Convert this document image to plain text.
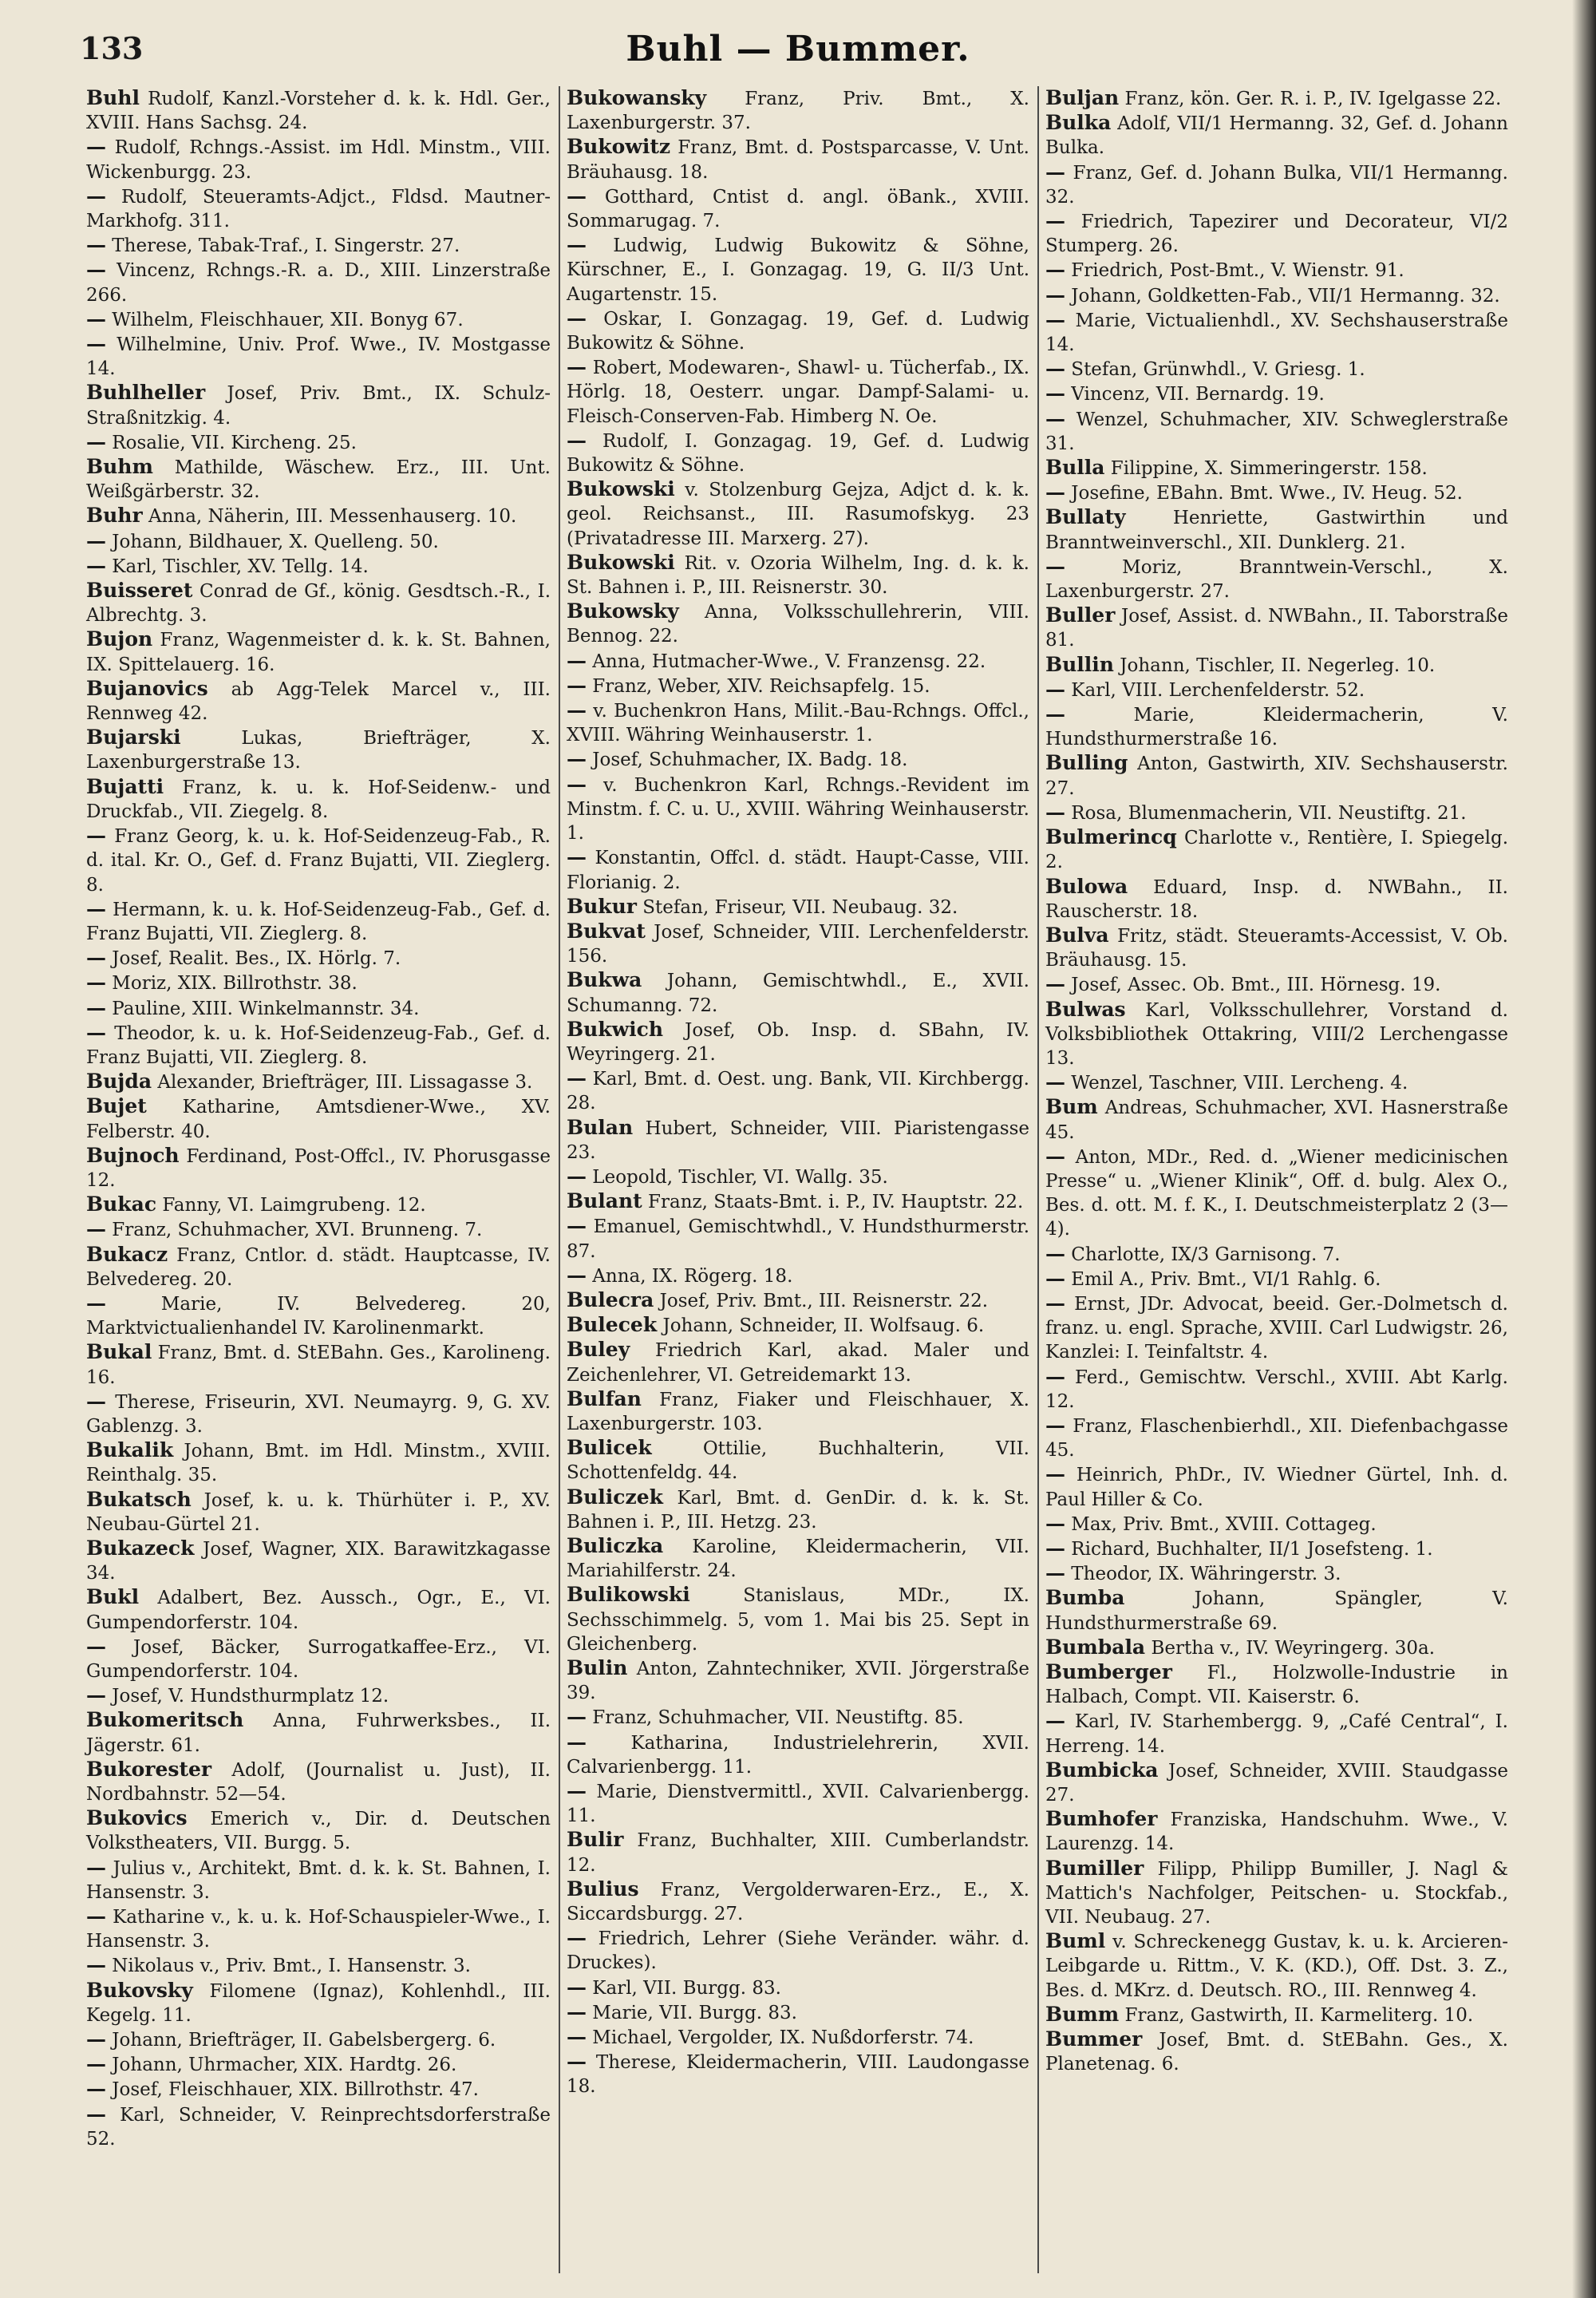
133	Buhl — Bummer.

Buhl Rudolf, Kanzl.-Vorsteher d. k. k. Hdl. Ger., XVIII. Hans Sachsg. 24.

— Rudolf, Rchngs.-Assist. im Hdl. Minstm., VIII. Wickenburgg. 23.

— Rudolf, Steueramts-Adjct., Fldsd. Mautner-Markhofg. 311.

— Therese, Tabak-Traf., I. Singerstr. 27.

— Vincenz, Rchngs.-R. a. D., XIII. Linzerstraße 266.

— Wilhelm, Fleischhauer, XII. Bonyg 67.

— Wilhelmine, Univ. Prof. Wwe., IV. Mostgasse 14.

Buhlheller Josef, Priv. Bmt., IX. Schulz-Straßnitzkig. 4.

— Rosalie, VII. Kircheng. 25.

Buhm Mathilde, Wäschew. Erz., III. Unt. Weißgärberstr. 32.

Buhr Anna, Näherin, III. Messenhauserg. 10.

— Johann, Bildhauer, X. Quelleng. 50.

— Karl, Tischler, XV. Tellg. 14.

Buisseret Conrad de Gf., könig. Gesdtsch.-R., I. Albrechtg. 3.

Bujon Franz, Wagenmeister d. k. k. St. Bahnen, IX. Spittelauerg. 16.

Bujanovics ab Agg-Telek Marcel v., III. Rennweg 42.

Bujarski Lukas, Briefträger, X. Laxenburgerstraße 13.

Bujatti Franz, k. u. k. Hof-Seidenw.- und Druckfab., VII. Ziegelg. 8.

— Franz Georg, k. u. k. Hof-Seidenzeug-Fab., R. d. ital. Kr. O., Gef. d. Franz Bujatti, VII. Zieglerg. 8.

— Hermann, k. u. k. Hof-Seidenzeug-Fab., Gef. d. Franz Bujatti, VII. Zieglerg. 8.

— Josef, Realit. Bes., IX. Hörlg. 7.

— Moriz, XIX. Billrothstr. 38.

— Pauline, XIII. Winkelmannstr. 34.

— Theodor, k. u. k. Hof-Seidenzeug-Fab., Gef. d. Franz Bujatti, VII. Zieglerg. 8.

Bujda Alexander, Briefträger, III. Lissagasse 3.

Bujet Katharine, Amtsdiener-Wwe., XV. Felberstr. 40.

Bujnoch Ferdinand, Post-Offcl., IV. Phorusgasse 12.

Bukac Fanny, VI. Laimgrubeng. 12.

— Franz, Schuhmacher, XVI. Brunneng. 7.

Bukacz Franz, Cntlor. d. städt. Hauptcasse, IV. Belvedereg. 20.

— Marie, IV. Belvedereg. 20, Marktvictualienhandel IV. Karolinenmarkt.

Bukal Franz, Bmt. d. StEBahn. Ges., Karolineng. 16.

— Therese, Friseurin, XVI. Neumayrg. 9, G. XV. Gablenzg. 3.

Bukalik Johann, Bmt. im Hdl. Minstm., XVIII. Reinthalg. 35.

Bukatsch Josef, k. u. k. Thürhüter i. P., XV. Neubau-Gürtel 21.

Bukazeck Josef, Wagner, XIX. Barawitzkagasse 34.

Bukl Adalbert, Bez. Aussch., Ogr., E., VI. Gumpendorferstr. 104.

— Josef, Bäcker, Surrogatkaffee-Erz., VI. Gumpendorferstr. 104.

— Josef, V. Hundsthurmplatz 12.

Bukomeritsch Anna, Fuhrwerksbes., II. Jägerstr. 61.

Bukorester Adolf, (Journalist u. Just), II. Nordbahnstr. 52—54.

Bukovics Emerich v., Dir. d. Deutschen Volkstheaters, VII. Burgg. 5.

— Julius v., Architekt, Bmt. d. k. k. St. Bahnen, I. Hansenstr. 3.

— Katharine v., k. u. k. Hof-Schauspieler-Wwe., I. Hansenstr. 3.

— Nikolaus v., Priv. Bmt., I. Hansenstr. 3.

Bukovsky Filomene (Ignaz), Kohlenhdl., III. Kegelg. 11.

— Johann, Briefträger, II. Gabelsbergerg. 6.

— Johann, Uhrmacher, XIX. Hardtg. 26.

— Josef, Fleischhauer, XIX. Billrothstr. 47.

— Karl, Schneider, V. Reinprechtsdorferstraße 52.

Bukowansky Franz, Priv. Bmt., X. Laxenburgerstr. 37.

Bukowitz Franz, Bmt. d. Postsparcasse, V. Unt. Bräuhausg. 18.

— Gotthard, Cntist d. angl. öBank., XVIII. Sommarugag. 7.

— Ludwig, Ludwig Bukowitz & Söhne, Kürschner, E., I. Gonzagag. 19, G. II/3 Unt. Augartenstr. 15.

— Oskar, I. Gonzagag. 19, Gef. d. Ludwig Bukowitz & Söhne.

— Robert, Modewaren-, Shawl- u. Tücherfab., IX. Hörlg. 18, Oesterr. ungar. Dampf-Salami- u. Fleisch-Conserven-Fab. Himberg N. Oe.

— Rudolf, I. Gonzagag. 19, Gef. d. Ludwig Bukowitz & Söhne.

Bukowski v. Stolzenburg Gejza, Adjct d. k. k. geol. Reichsanst., III. Rasumofskyg. 23 (Privatadresse III. Marxerg. 27).

Bukowski Rit. v. Ozoria Wilhelm, Ing. d. k. k. St. Bahnen i. P., III. Reisnerstr. 30.

Bukowsky Anna, Volksschullehrerin, VIII. Bennog. 22.

— Anna, Hutmacher-Wwe., V. Franzensg. 22.

— Franz, Weber, XIV. Reichsapfelg. 15.

— v. Buchenkron Hans, Milit.-Bau-Rchngs. Offcl., XVIII. Währing Weinhauserstr. 1.

— Josef, Schuhmacher, IX. Badg. 18.

— v. Buchenkron Karl, Rchngs.-Revident im Minstm. f. C. u. U., XVIII. Währing Weinhauserstr. 1.

— Konstantin, Offcl. d. städt. Haupt-Casse, VIII. Florianig. 2.

Bukur Stefan, Friseur, VII. Neubaug. 32.

Bukvat Josef, Schneider, VIII. Lerchenfelderstr. 156.

Bukwa Johann, Gemischtwhdl., E., XVII. Schumanng. 72.

Bukwich Josef, Ob. Insp. d. SBahn, IV. Weyringerg. 21.

— Karl, Bmt. d. Oest. ung. Bank, VII. Kirchbergg. 28.

Bulan Hubert, Schneider, VIII. Piaristengasse 23.

— Leopold, Tischler, VI. Wallg. 35.

Bulant Franz, Staats-Bmt. i. P., IV. Hauptstr. 22.

— Emanuel, Gemischtwhdl., V. Hundsthurmerstr. 87.

— Anna, IX. Rögerg. 18.

Bulecra Josef, Priv. Bmt., III. Reisnerstr. 22.

Bulecek Johann, Schneider, II. Wolfsaug. 6.

Buley Friedrich Karl, akad. Maler und Zeichenlehrer, VI. Getreidemarkt 13.

Bulfan Franz, Fiaker und Fleischhauer, X. Laxenburgerstr. 103.

Bulicek Ottilie, Buchhalterin, VII. Schottenfeldg. 44.

Buliczek Karl, Bmt. d. GenDir. d. k. k. St. Bahnen i. P., III. Hetzg. 23.

Buliczka Karoline, Kleidermacherin, VII. Mariahilferstr. 24.

Bulikowski Stanislaus, MDr., IX. Sechsschimmelg. 5, vom 1. Mai bis 25. Sept in Gleichenberg.

Bulin Anton, Zahntechniker, XVII. Jörgerstraße 39.

— Franz, Schuhmacher, VII. Neustiftg. 85.

— Katharina, Industrielehrerin, XVII. Calvarienbergg. 11.

— Marie, Dienstvermittl., XVII. Calvarienbergg. 11.

Bulir Franz, Buchhalter, XIII. Cumberlandstr. 12.

Bulius Franz, Vergolderwaren-Erz., E., X. Siccardsburgg. 27.

— Friedrich, Lehrer (Siehe Veränder. währ. d. Druckes).

— Karl, VII. Burgg. 83.

— Marie, VII. Burgg. 83.

— Michael, Vergolder, IX. Nußdorferstr. 74.

— Therese, Kleidermacherin, VIII. Laudongasse 18.

Buljan Franz, kön. Ger. R. i. P., IV. Igelgasse 22.

Bulka Adolf, VII/1 Hermanng. 32, Gef. d. Johann Bulka.

— Franz, Gef. d. Johann Bulka, VII/1 Hermanng. 32.

— Friedrich, Tapezirer und Decorateur, VI/2 Stumperg. 26.

— Friedrich, Post-Bmt., V. Wienstr. 91.

— Johann, Goldketten-Fab., VII/1 Hermanng. 32.

— Marie, Victualienhdl., XV. Sechshauserstraße 14.

— Stefan, Grünwhdl., V. Griesg. 1.

— Vincenz, VII. Bernardg. 19.

— Wenzel, Schuhmacher, XIV. Schweglerstraße 31.

Bulla Filippine, X. Simmeringerstr. 158.

— Josefine, EBahn. Bmt. Wwe., IV. Heug. 52.

Bullaty Henriette, Gastwirthin und Branntweinverschl., XII. Dunklerg. 21.

— Moriz, Branntwein-Verschl., X. Laxenburgerstr. 27.

Buller Josef, Assist. d. NWBahn., II. Taborstraße 81.

Bullin Johann, Tischler, II. Negerleg. 10.

— Karl, VIII. Lerchenfelderstr. 52.

— Marie, Kleidermacherin, V. Hundsthurmerstraße 16.

Bulling Anton, Gastwirth, XIV. Sechshauserstr. 27.

— Rosa, Blumenmacherin, VII. Neustiftg. 21.

Bulmerincq Charlotte v., Rentière, I. Spiegelg. 2.

Bulowa Eduard, Insp. d. NWBahn., II. Rauscherstr. 18.

Bulva Fritz, städt. Steueramts-Accessist, V. Ob. Bräuhausg. 15.

— Josef, Assec. Ob. Bmt., III. Hörnesg. 19.

Bulwas Karl, Volksschullehrer, Vorstand d. Volksbibliothek Ottakring, VIII/2 Lerchengasse 13.

— Wenzel, Taschner, VIII. Lercheng. 4.

Bum Andreas, Schuhmacher, XVI. Hasnerstraße 45.

— Anton, MDr., Red. d. „Wiener medicinischen Presse“ u. „Wiener Klinik“, Off. d. bulg. Alex O., Bes. d. ott. M. f. K., I. Deutschmeisterplatz 2 (3—4).

— Charlotte, IX/3 Garnisong. 7.

— Emil A., Priv. Bmt., VI/1 Rahlg. 6.

— Ernst, JDr. Advocat, beeid. Ger.-Dolmetsch d. franz. u. engl. Sprache, XVIII. Carl Ludwigstr. 26, Kanzlei: I. Teinfaltstr. 4.

— Ferd., Gemischtw. Verschl., XVIII. Abt Karlg. 12.

— Franz, Flaschenbierhdl., XII. Diefenbachgasse 45.

— Heinrich, PhDr., IV. Wiedner Gürtel, Inh. d. Paul Hiller & Co.

— Max, Priv. Bmt., XVIII. Cottageg.

— Richard, Buchhalter, II/1 Josefsteng. 1.

— Theodor, IX. Währingerstr. 3.

Bumba Johann, Spängler, V. Hundsthurmerstraße 69.

Bumbala Bertha v., IV. Weyringerg. 30a.

Bumberger Fl., Holzwolle-Industrie in Halbach, Compt. VII. Kaiserstr. 6.

— Karl, IV. Starhembergg. 9, „Café Central“, I. Herreng. 14.

Bumbicka Josef, Schneider, XVIII. Staudgasse 27.

Bumhofer Franziska, Handschuhm. Wwe., V. Laurenzg. 14.

Bumiller Filipp, Philipp Bumiller, J. Nagl & Mattich's Nachfolger, Peitschen- u. Stockfab., VII. Neubaug. 27.

Buml v. Schreckenegg Gustav, k. u. k. Arcieren-Leibgarde u. Rittm., V. K. (KD.), Off. Dst. 3. Z., Bes. d. MKrz. d. Deutsch. RO., III. Rennweg 4.

Bumm Franz, Gastwirth, II. Karmeliterg. 10.

Bummer Josef, Bmt. d. StEBahn. Ges., X. Planetenag. 6.
